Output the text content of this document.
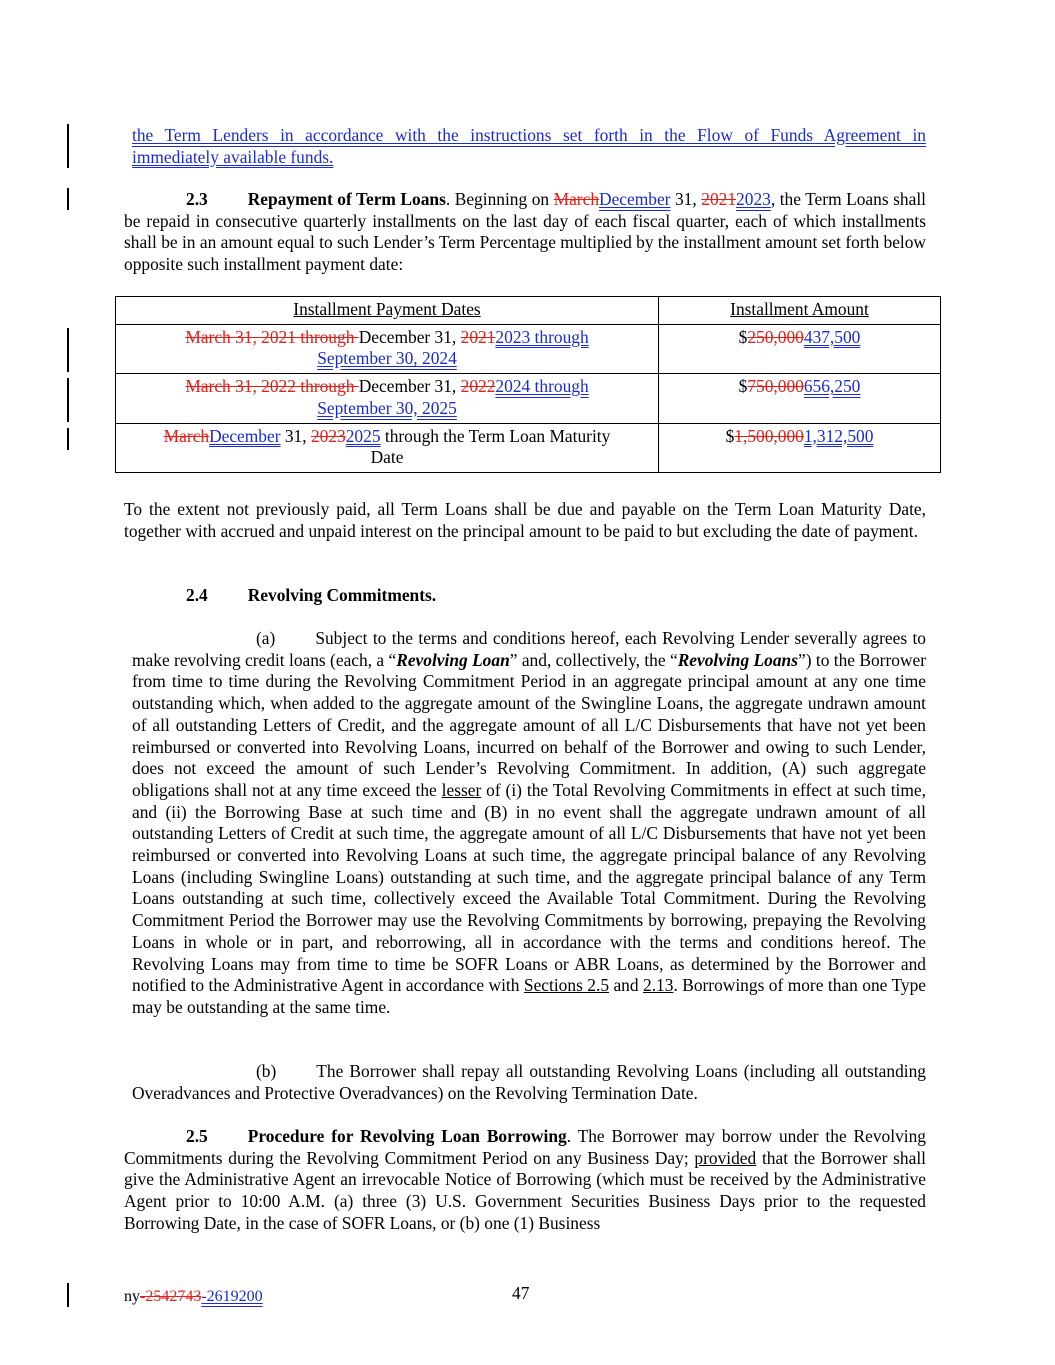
the Term Lenders in accordance with the instructions set forth in the Flow of Funds Agreement in
immediately available funds.
2.3 Repayment of Term Loans. Beginning on MarchDecember 31, 20212023, the Term Loans shall be repaid in consecutive quarterly installments on the last day of each fiscal quarter, each of which installments shall be in an amount equal to such Lender’s Term Percentage multiplied by the installment amount set forth below opposite such installment payment date:
Installment Payment Dates	Installment Amount
March 31, 2021 through December 31, 20212023 through September 30, 2024	$250,000437,500
March 31, 2022 through December 31, 20222024 through September 30, 2025	$750,000656,250
MarchDecember 31, 20232025 through the Term Loan Maturity Date	$1,500,0001,312,500
To the extent not previously paid, all Term Loans shall be due and payable on the Term Loan Maturity Date, together with accrued and unpaid interest on the principal amount to be paid to but excluding the date of payment.
2.4 Revolving Commitments.
(a) Subject to the terms and conditions hereof, each Revolving Lender severally agrees to make revolving credit loans (each, a “Revolving Loan” and, collectively, the “Revolving Loans”) to the Borrower from time to time during the Revolving Commitment Period in an aggregate principal amount at any one time outstanding which, when added to the aggregate amount of the Swingline Loans, the aggregate undrawn amount of all outstanding Letters of Credit, and the aggregate amount of all L/C Disbursements that have not yet been reimbursed or converted into Revolving Loans, incurred on behalf of the Borrower and owing to such Lender, does not exceed the amount of such Lender’s Revolving Commitment. In addition, (A) such aggregate obligations shall not at any time exceed the lesser of (i) the Total Revolving Commitments in effect at such time, and (ii) the Borrowing Base at such time and (B) in no event shall the aggregate undrawn amount of all outstanding Letters of Credit at such time, the aggregate amount of all L/C Disbursements that have not yet been reimbursed or converted into Revolving Loans at such time, the aggregate principal balance of any Revolving Loans (including Swingline Loans) outstanding at such time, and the aggregate principal balance of any Term Loans outstanding at such time, collectively exceed the Available Total Commitment. During the Revolving Commitment Period the Borrower may use the Revolving Commitments by borrowing, prepaying the Revolving Loans in whole or in part, and reborrowing, all in accordance with the terms and conditions hereof. The Revolving Loans may from time to time be SOFR Loans or ABR Loans, as determined by the Borrower and notified to the Administrative Agent in accordance with Sections 2.5 and 2.13. Borrowings of more than one Type may be outstanding at the same time.
(b) The Borrower shall repay all outstanding Revolving Loans (including all outstanding Overadvances and Protective Overadvances) on the Revolving Termination Date.
2.5 Procedure for Revolving Loan Borrowing. The Borrower may borrow under the Revolving Commitments during the Revolving Commitment Period on any Business Day; provided that the Borrower shall give the Administrative Agent an irrevocable Notice of Borrowing (which must be received by the Administrative Agent prior to 10:00 A.M. (a) three (3) U.S. Government Securities Business Days prior to the requested Borrowing Date, in the case of SOFR Loans, or (b) one (1) Business
ny-2542743-2619200	47
